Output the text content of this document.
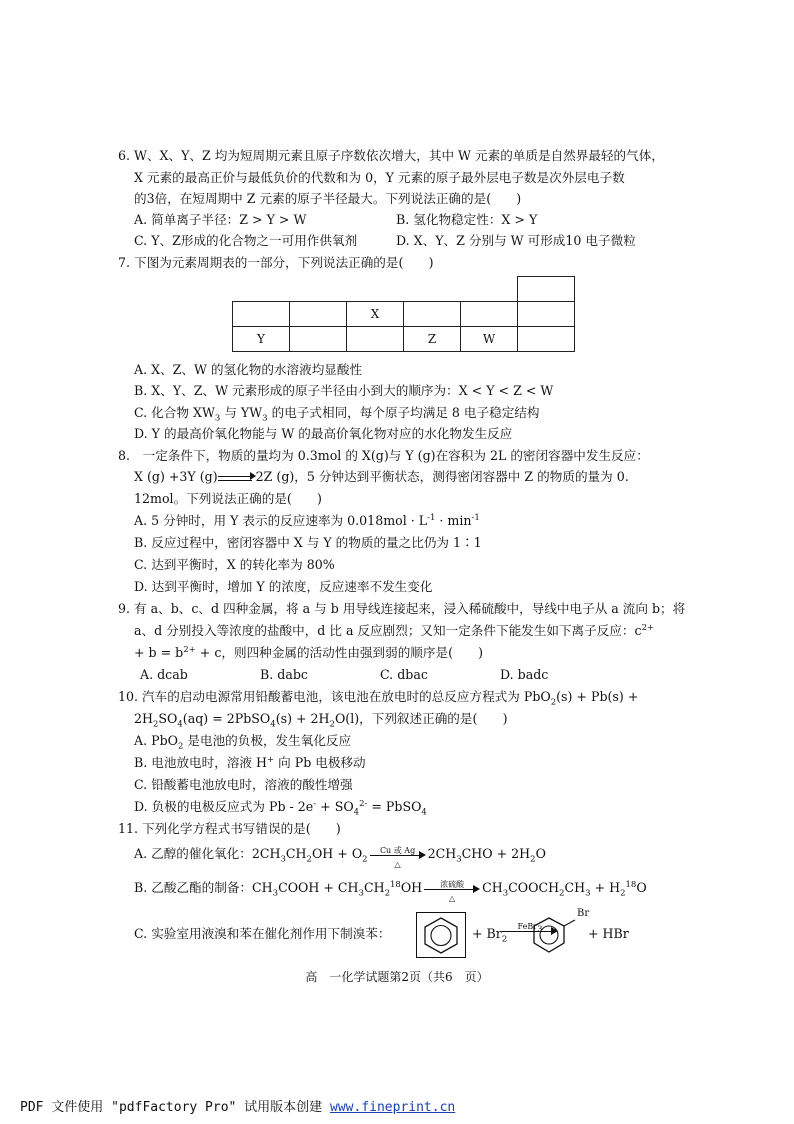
6. W、X、Y、Z 均为短周期元素且原子序数依次增大，其中 W 元素的单质是自然界最轻的气体，
X 元素的最高正价与最低负价的代数和为 0，Y 元素的原子最外层电子数是次外层电子数
的3倍，在短周期中 Z 元素的原子半径最大。下列说法正确的是(　　)
A. 简单离子半径：Z > Y > W	B. 氢化物稳定性：X > Y
C. Y、Z形成的化合物之一可用作供氧剂	D. X、Y、Z 分别与 W 可形成10 电子微粒
7. 下图为元素周期表的一部分，下列说法正确的是(　　)

		X			
Y			Z	W	
A. X、Z、W 的氢化物的水溶液均显酸性
B. X、Y、Z、W 元素形成的原子半径由小到大的顺序为：X < Y < Z < W
C. 化合物 $XW_3$ 与 $YW_3$ 的电子式相同，每个原子均满足 8 电子稳定结构
D. Y 的最高价氧化物能与 W 的最高价氧化物对应的水化物发生反应
8.　一定条件下，物质的量均为 0.3mol 的 X(g)与 Y (g)在容积为 2L 的密闭容器中发生反应：
X (g) +3Y (g)	2Z (g)，5 分钟达到平衡状态，测得密闭容器中 Z 的物质的量为 0.
12mol。下列说法正确的是(　　)
A. 5 分钟时，用 Y 表示的反应速率为 $0.018mol \cdot L^{-1} \cdot \min^{-1}$
B. 反应过程中，密闭容器中 X 与 Y 的物质的量之比仍为 1∶1
C. 达到平衡时，X 的转化率为 80%
D. 达到平衡时，增加 Y 的浓度，反应速率不发生变化
9. 有 a、b、c、d 四种金属，将 a 与 b 用导线连接起来，浸入稀硫酸中，导线中电子从 a 流向 b；将
a、d 分别投入等浓度的盐酸中，d 比 a 反应剧烈；又知一定条件下能发生如下离子反应：$c^{2+}$
+ $b = b^{2+} + c$，则四种金属的活动性由强到弱的顺序是(　　)
A. dcab	B. dabc	C. dbac	D. badc
10. 汽车的启动电源常用铅酸蓄电池，该电池在放电时的总反应方程式为 PbO$_2$(s) + Pb(s) +
$2H_2SO_4(aq)$ = 2PbSO$_4$(s) + $2H_2O(l)$，下列叙述正确的是(　　)
A. PbO$_2$ 是电池的负极，发生氧化反应
B. 电池放电时，溶液 H+ 向 Pb 电极移动
C. 铅酸蓄电池放电时，溶液的酸性增强
D. 负极的电极反应式为 $Pb - 2e^- + SO_4^{2-}$ = PbSO$_4$
11. 下列化学方程式书写错误的是(　　)
A. 乙醇的催化氧化：$2CH_3CH_2OH + O_2$
Cu 或 Ag
△
$2CH_3CHO + 2H_2O$
B. 乙酸乙酯的制备：$CH_3COOH + CH_3CH_2^{18}OH$	浓硫酸
△
$CH_3COOCH_2CH_3 + H_2^{18}O$
C. 实验室用液溴和苯在催化剂作用下制溴苯：	+ $Br_2$
FeBr$_3$
Br
+ HBr
高　一化学试题第2页（共6　页）
PDF 文件使用 "pdfFactory Pro" 试用版本创建 www.fineprint.cn
